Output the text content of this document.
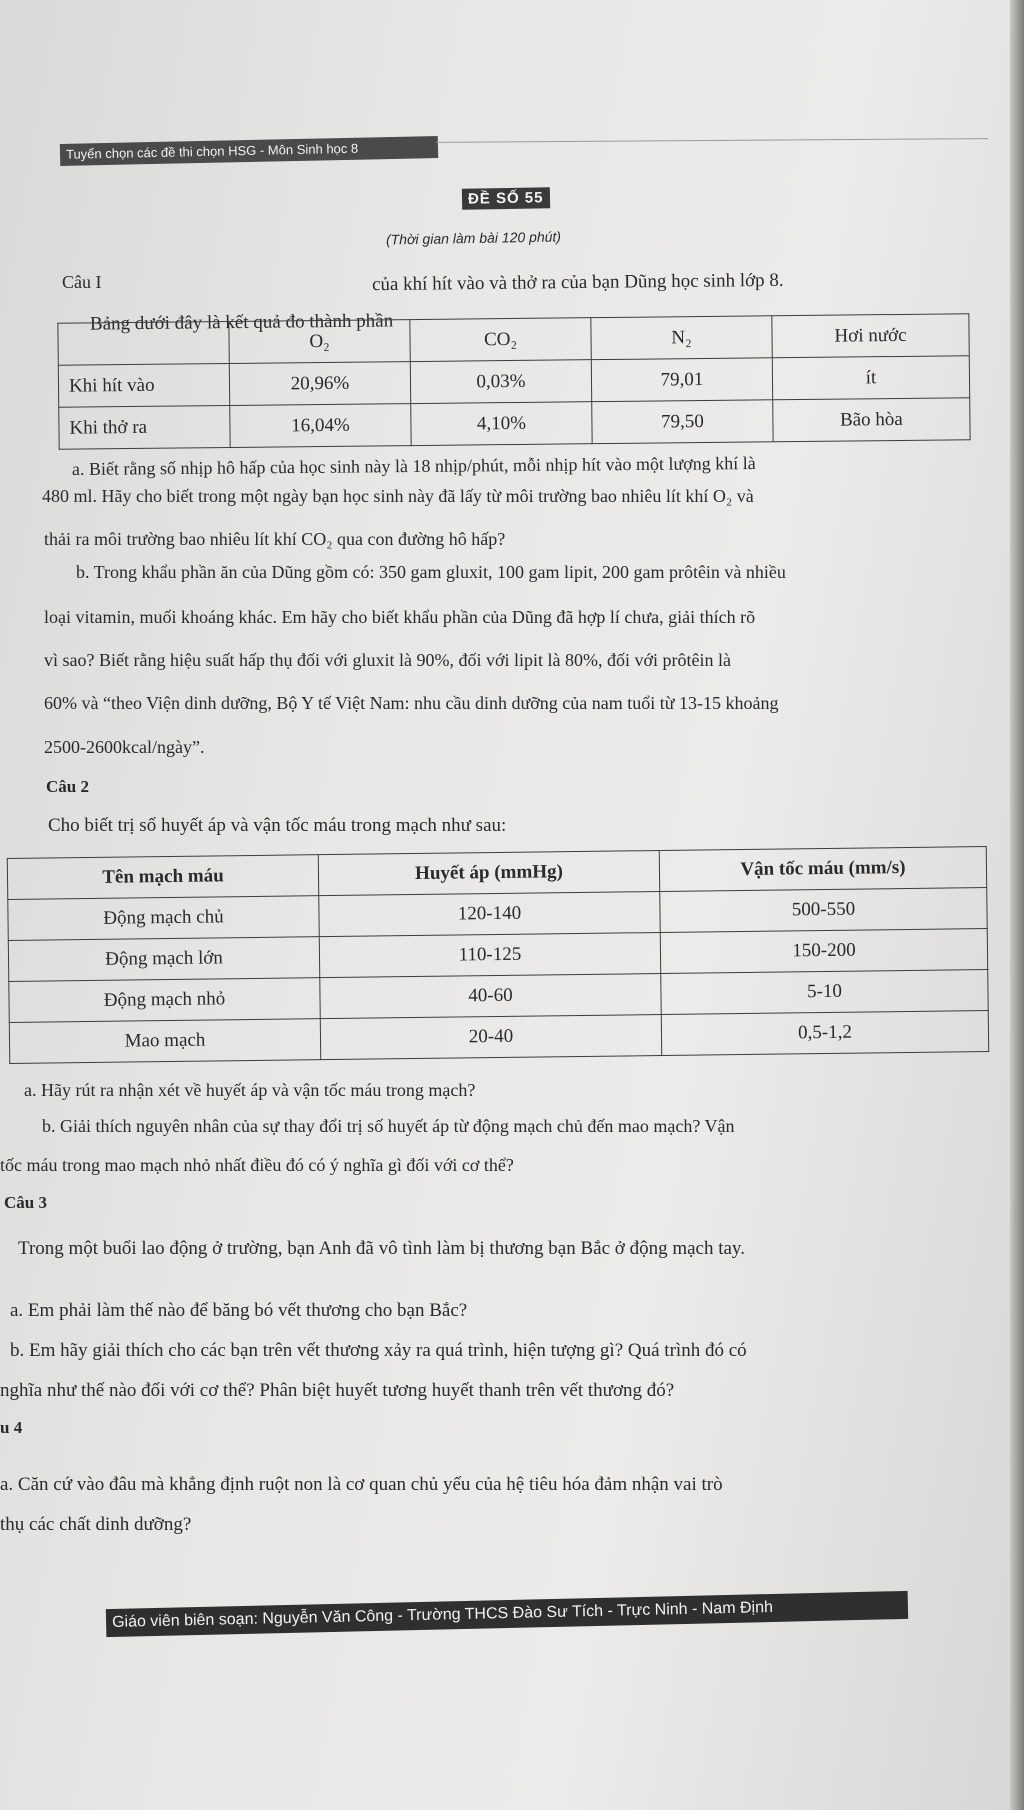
Tuyển chọn các đề thi chọn HSG - Môn Sinh học 8
ĐỀ SỐ 55
(Thời gian làm bài 120 phút)
Câu I	của khí hít vào và thở ra của bạn Dũng học sinh lớp 8.
Bảng dưới đây là kết quả đo thành phần
	O₂	CO₂	N₂	Hơi nước
Khi hít vào	20,96%	0,03%	79,01	ít
Khi thở ra	16,04%	4,10%	79,50	Bão hòa
a. Biết rằng số nhịp hô hấp của học sinh này là 18 nhịp/phút, mỗi nhịp hít vào một lượng khí là
480 ml. Hãy cho biết trong một ngày bạn học sinh này đã lấy từ môi trường bao nhiêu lít khí O₂ và
thải ra môi trường bao nhiêu lít khí CO₂ qua con đường hô hấp?
b. Trong khẩu phần ăn của Dũng gồm có: 350 gam gluxit, 100 gam lipit, 200 gam prôtêin và nhiều
loại vitamin, muối khoáng khác. Em hãy cho biết khẩu phần của Dũng đã hợp lí chưa, giải thích rõ
vì sao? Biết rằng hiệu suất hấp thụ đối với gluxit là 90%, đối với lipit là 80%, đối với prôtêin là
60% và “theo Viện dinh dưỡng, Bộ Y tế Việt Nam: nhu cầu dinh dưỡng của nam tuổi từ 13-15 khoảng
2500-2600kcal/ngày”.
Câu 2
Cho biết trị số huyết áp và vận tốc máu trong mạch như sau:
Tên mạch máu	Huyết áp (mmHg)	Vận tốc máu (mm/s)
Động mạch chủ	120-140	500-550
Động mạch lớn	110-125	150-200
Động mạch nhỏ	40-60	5-10
Mao mạch	20-40	0,5-1,2
a. Hãy rút ra nhận xét về huyết áp và vận tốc máu trong mạch?
b. Giải thích nguyên nhân của sự thay đổi trị số huyết áp từ động mạch chủ đến mao mạch? Vận
tốc máu trong mao mạch nhỏ nhất điều đó có ý nghĩa gì đối với cơ thể?
Câu 3
Trong một buổi lao động ở trường, bạn Anh đã vô tình làm bị thương bạn Bắc ở động mạch tay.
a. Em phải làm thế nào để băng bó vết thương cho bạn Bắc?
b. Em hãy giải thích cho các bạn trên vết thương xảy ra quá trình, hiện tượng gì? Quá trình đó có
nghĩa như thế nào đối với cơ thể? Phân biệt huyết tương huyết thanh trên vết thương đó?
u 4
a. Căn cứ vào đâu mà khẳng định ruột non là cơ quan chủ yếu của hệ tiêu hóa đảm nhận vai trò
thụ các chất dinh dưỡng?
Giáo viên biên soạn: Nguyễn Văn Công - Trường THCS Đào Sư Tích - Trực Ninh - Nam Định
